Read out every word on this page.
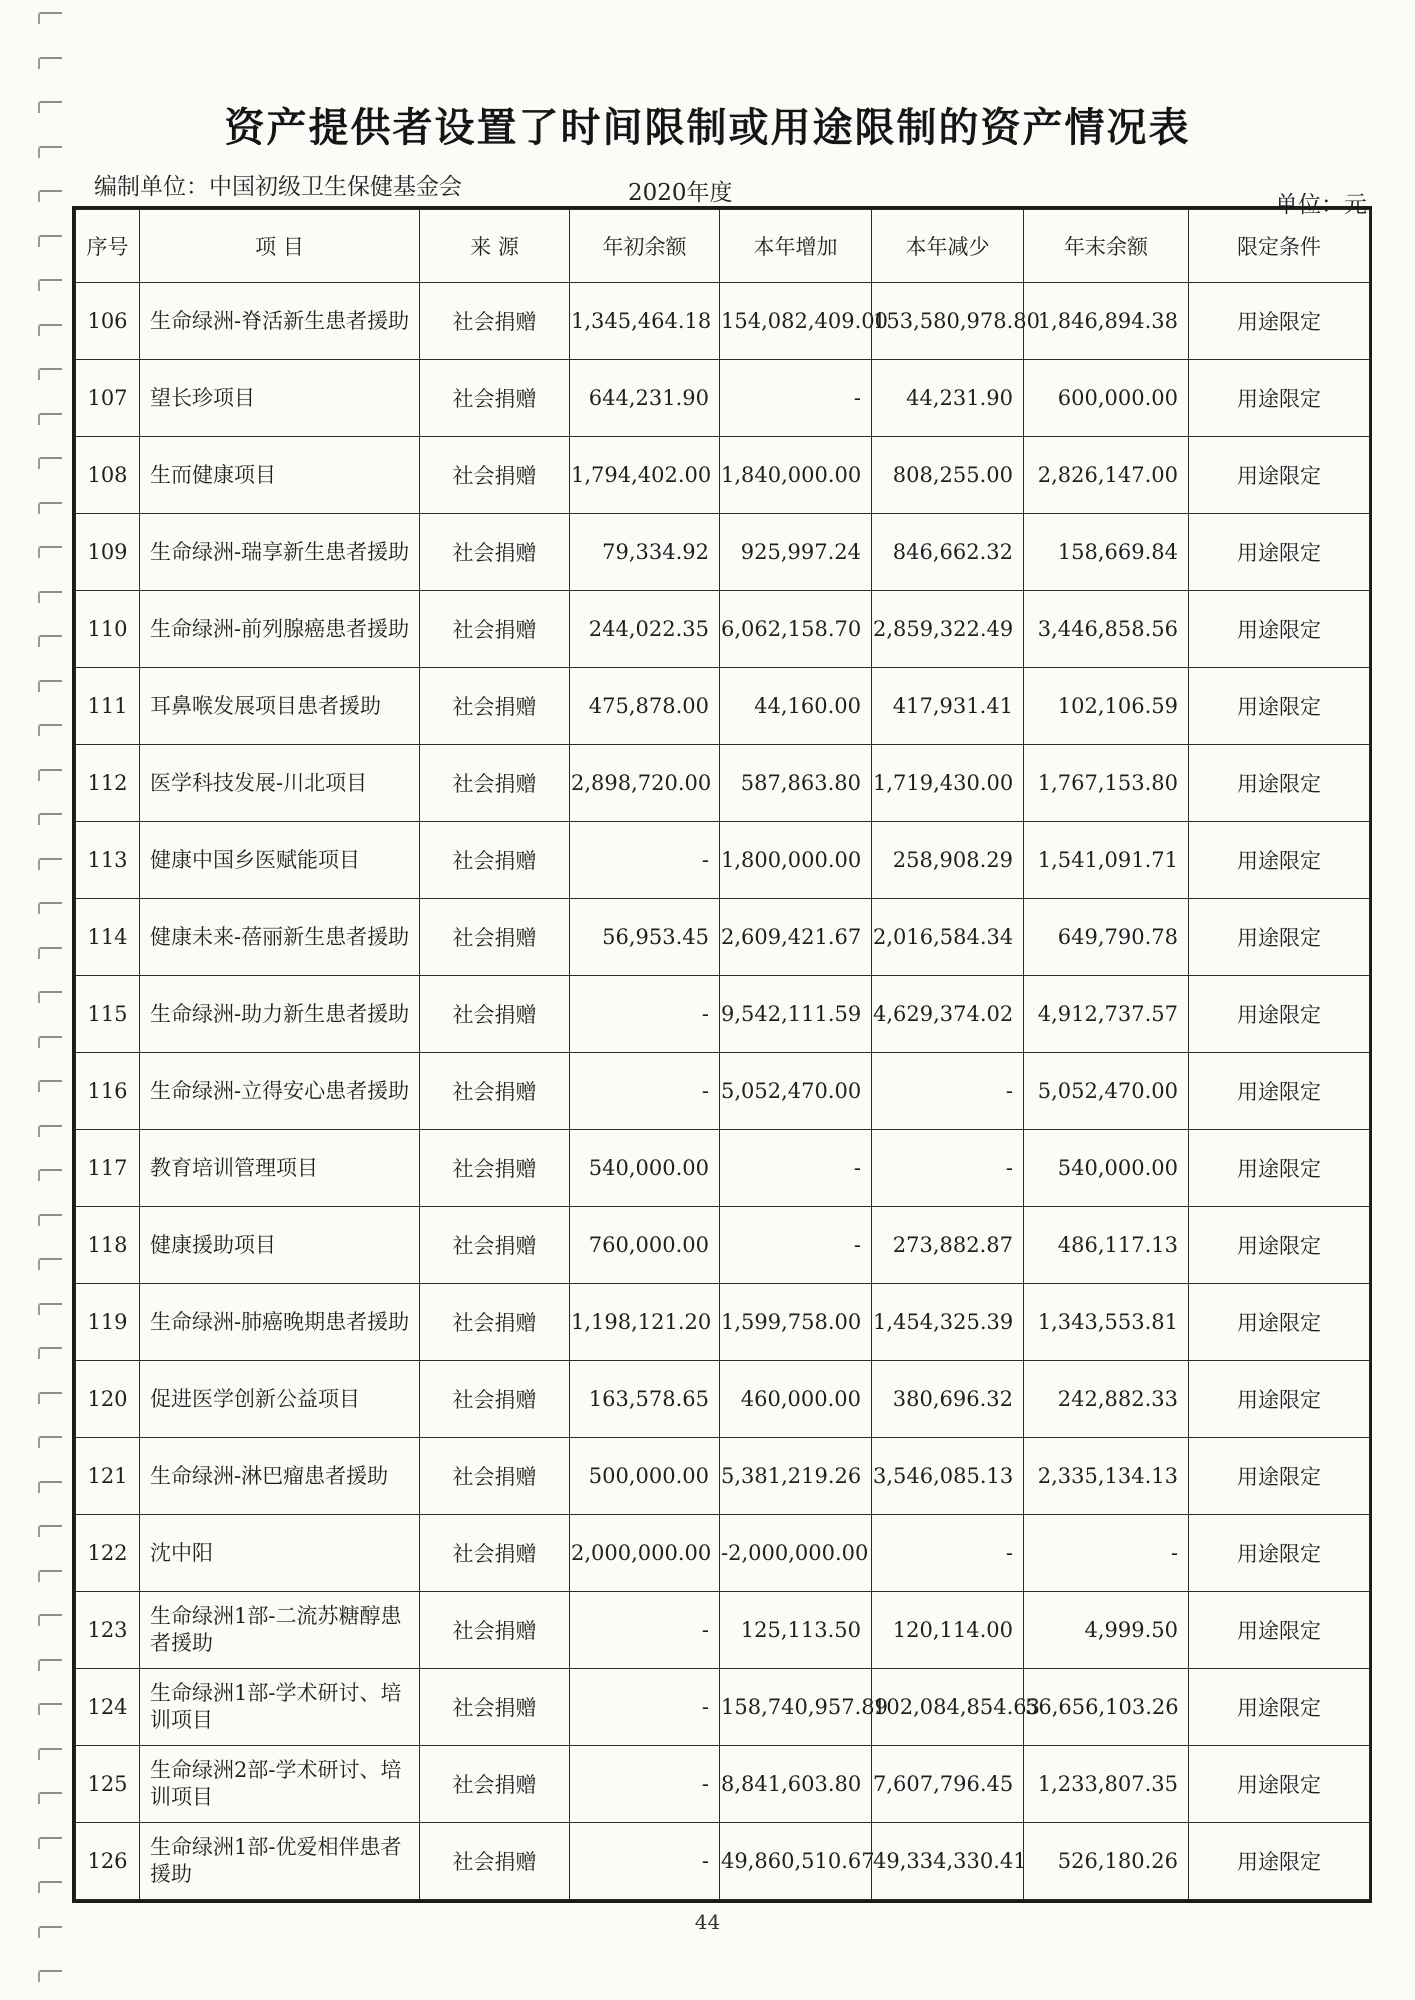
资产提供者设置了时间限制或用途限制的资产情况表
编制单位：中国初级卫生保健基金会	2020年度	单位：元
序号	项 目	来 源	年初余额	本年增加	本年减少	年末余额	限定条件
106	生命绿洲-脊活新生患者援助	社会捐赠	1,345,464.18	154,082,409.00	153,580,978.80	1,846,894.38	用途限定
107	望长珍项目	社会捐赠	644,231.90	-	44,231.90	600,000.00	用途限定
108	生而健康项目	社会捐赠	1,794,402.00	1,840,000.00	808,255.00	2,826,147.00	用途限定
109	生命绿洲-瑞享新生患者援助	社会捐赠	79,334.92	925,997.24	846,662.32	158,669.84	用途限定
110	生命绿洲-前列腺癌患者援助	社会捐赠	244,022.35	6,062,158.70	2,859,322.49	3,446,858.56	用途限定
111	耳鼻喉发展项目患者援助	社会捐赠	475,878.00	44,160.00	417,931.41	102,106.59	用途限定
112	医学科技发展-川北项目	社会捐赠	2,898,720.00	587,863.80	1,719,430.00	1,767,153.80	用途限定
113	健康中国乡医赋能项目	社会捐赠	-	1,800,000.00	258,908.29	1,541,091.71	用途限定
114	健康未来-蓓丽新生患者援助	社会捐赠	56,953.45	2,609,421.67	2,016,584.34	649,790.78	用途限定
115	生命绿洲-助力新生患者援助	社会捐赠	-	9,542,111.59	4,629,374.02	4,912,737.57	用途限定
116	生命绿洲-立得安心患者援助	社会捐赠	-	5,052,470.00	-	5,052,470.00	用途限定
117	教育培训管理项目	社会捐赠	540,000.00	-	-	540,000.00	用途限定
118	健康援助项目	社会捐赠	760,000.00	-	273,882.87	486,117.13	用途限定
119	生命绿洲-肺癌晚期患者援助	社会捐赠	1,198,121.20	1,599,758.00	1,454,325.39	1,343,553.81	用途限定
120	促进医学创新公益项目	社会捐赠	163,578.65	460,000.00	380,696.32	242,882.33	用途限定
121	生命绿洲-淋巴瘤患者援助	社会捐赠	500,000.00	5,381,219.26	3,546,085.13	2,335,134.13	用途限定
122	沈中阳	社会捐赠	2,000,000.00	-2,000,000.00	-	-	用途限定
123	生命绿洲1部-二流苏糖醇患者援助	社会捐赠	-	125,113.50	120,114.00	4,999.50	用途限定
124	生命绿洲1部-学术研讨、培训项目	社会捐赠	-	158,740,957.89	102,084,854.63	56,656,103.26	用途限定
125	生命绿洲2部-学术研讨、培训项目	社会捐赠	-	8,841,603.80	7,607,796.45	1,233,807.35	用途限定
126	生命绿洲1部-优爱相伴患者援助	社会捐赠	-	49,860,510.67	49,334,330.41	526,180.26	用途限定
44
